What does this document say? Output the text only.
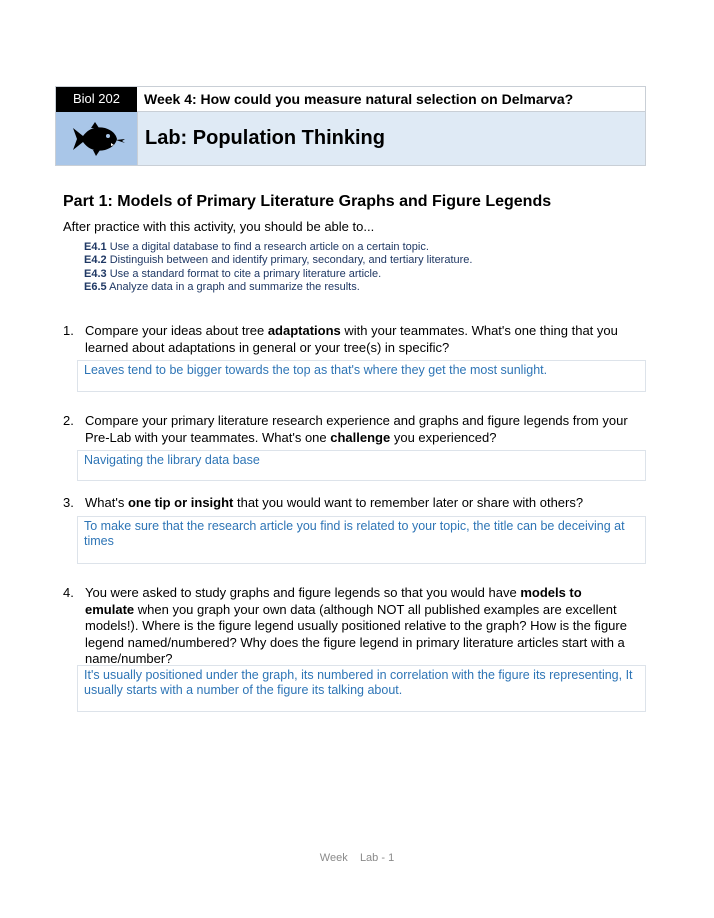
Biol 202	Week 4: How could you measure natural selection on Delmarva?
Lab: Population Thinking
Part 1: Models of Primary Literature Graphs and Figure Legends
After practice with this activity, you should be able to...
E4.1 Use a digital database to find a research article on a certain topic.
E4.2 Distinguish between and identify primary, secondary, and tertiary literature.
E4.3 Use a standard format to cite a primary literature article.
E6.5 Analyze data in a graph and summarize the results.
1. Compare your ideas about tree adaptations with your teammates. What's one thing that you learned about adaptations in general or your tree(s) in specific?
Leaves tend to be bigger towards the top as that's where they get the most sunlight.
2. Compare your primary literature research experience and graphs and figure legends from your Pre-Lab with your teammates. What's one challenge you experienced?
Navigating the library data base
3. What's one tip or insight that you would want to remember later or share with others?
To make sure that the research article you find is related to your topic, the title can be deceiving at times
4. You were asked to study graphs and figure legends so that you would have models to emulate when you graph your own data (although NOT all published examples are excellent models!). Where is the figure legend usually positioned relative to the graph? How is the figure legend named/numbered? Why does the figure legend in primary literature articles start with a name/number?
It's usually positioned under the graph, its numbered in correlation with the figure its representing, It usually starts with a number of the figure its talking about.
Week    Lab - 1
